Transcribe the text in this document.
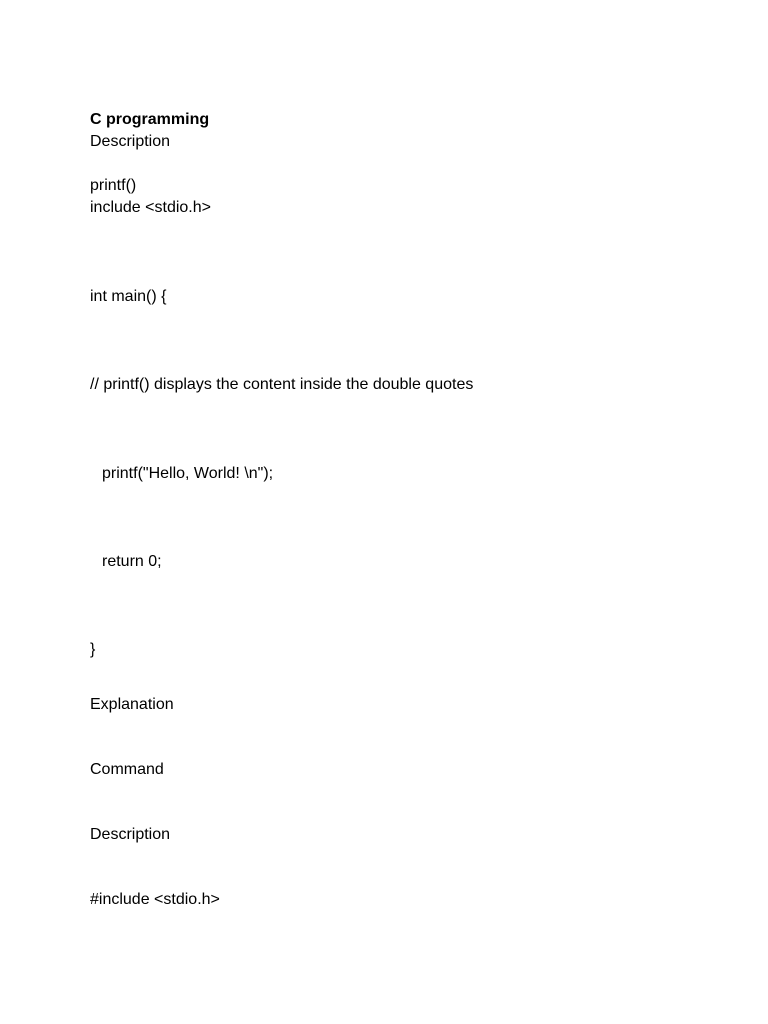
C programming
Description
printf()
include <stdio.h>
int main() {
// printf() displays the content inside the double quotes
printf("Hello, World! \n");
return 0;
}
Explanation
Command
Description
#include <stdio.h>
